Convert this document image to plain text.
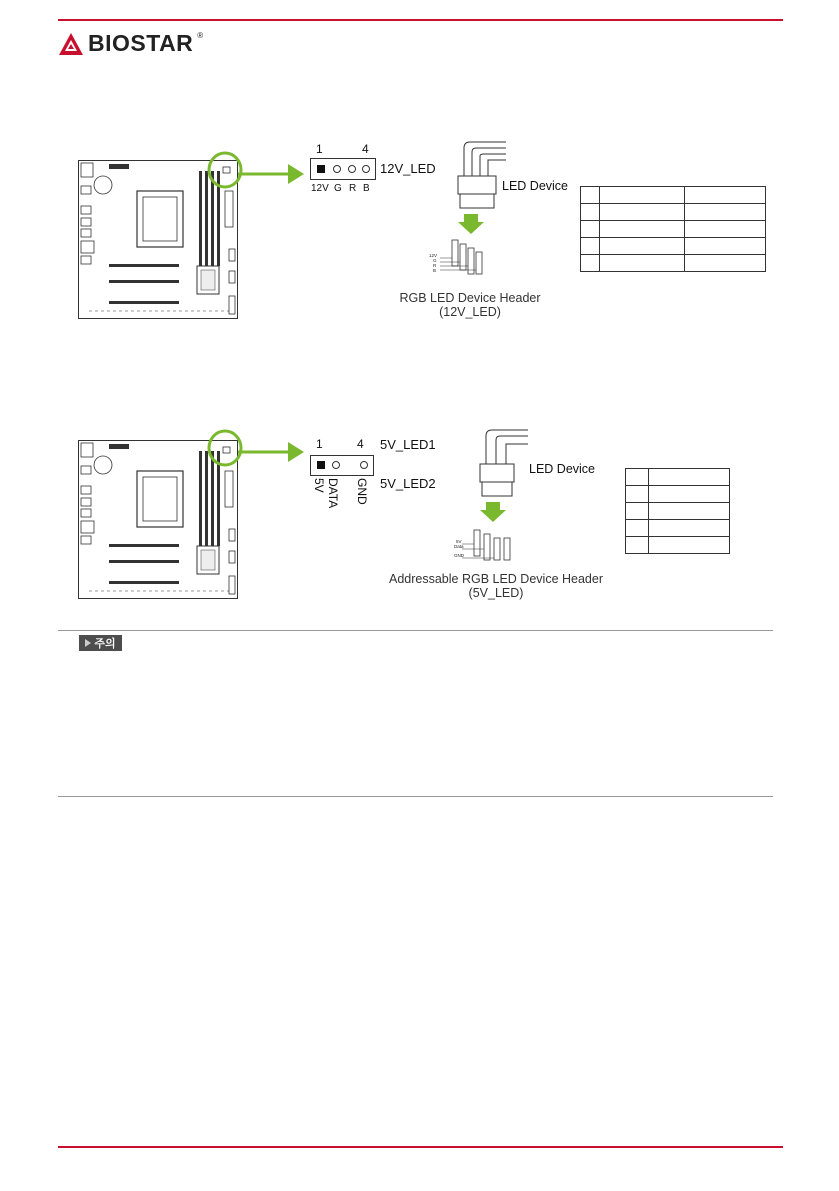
BIOSTAR ®
1	4
12V_LED
12V G R B
12V
G
R
B
LED Device
RGB LED Device Header
(12V_LED)

1	4 5V_LED1
5V_LED2
5V DATA GND
5V
Data
GND
LED Device
Addressable RGB LED Device Header
(5V_LED)

주의
